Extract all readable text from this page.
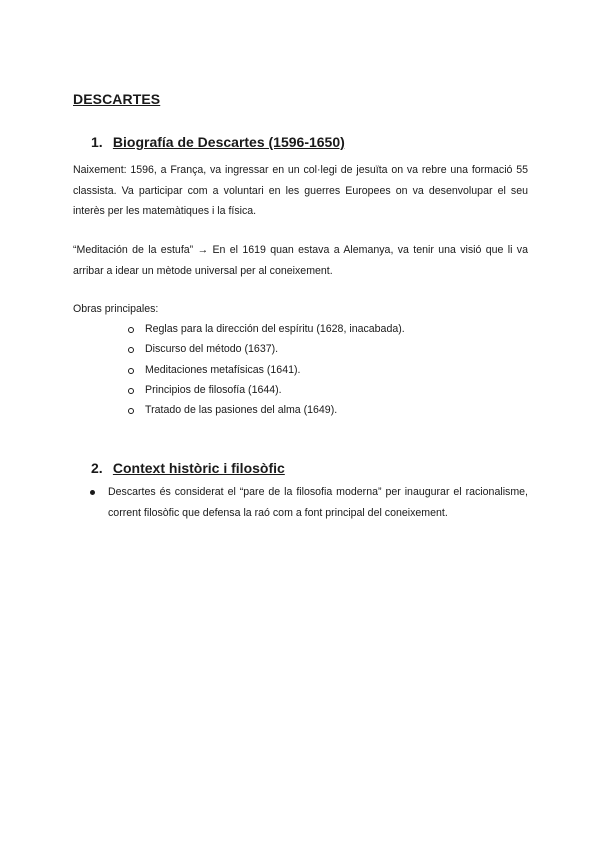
DESCARTES
1. Biografía de Descartes (1596-1650)
Naixement: 1596, a França, va ingressar en un col·legi de jesuïta on va rebre una formació 55 classista. Va participar com a voluntari en les guerres Europees on va desenvolupar el seu interès per les matemàtiques i la física.
“Meditación de la estufa” → En el 1619 quan estava a Alemanya, va tenir una visió que li va arribar a idear un mètode universal per al coneixement.
Obras principales:
Reglas para la dirección del espíritu (1628, inacabada).
Discurso del método (1637).
Meditaciones metafísicas (1641).
Principios de filosofía (1644).
Tratado de las pasiones del alma (1649).
2. Context històric i filosòfic
Descartes és considerat el “pare de la filosofia moderna” per inaugurar el racionalisme, corrent filosòfic que defensa la raó com a font principal del coneixement.
